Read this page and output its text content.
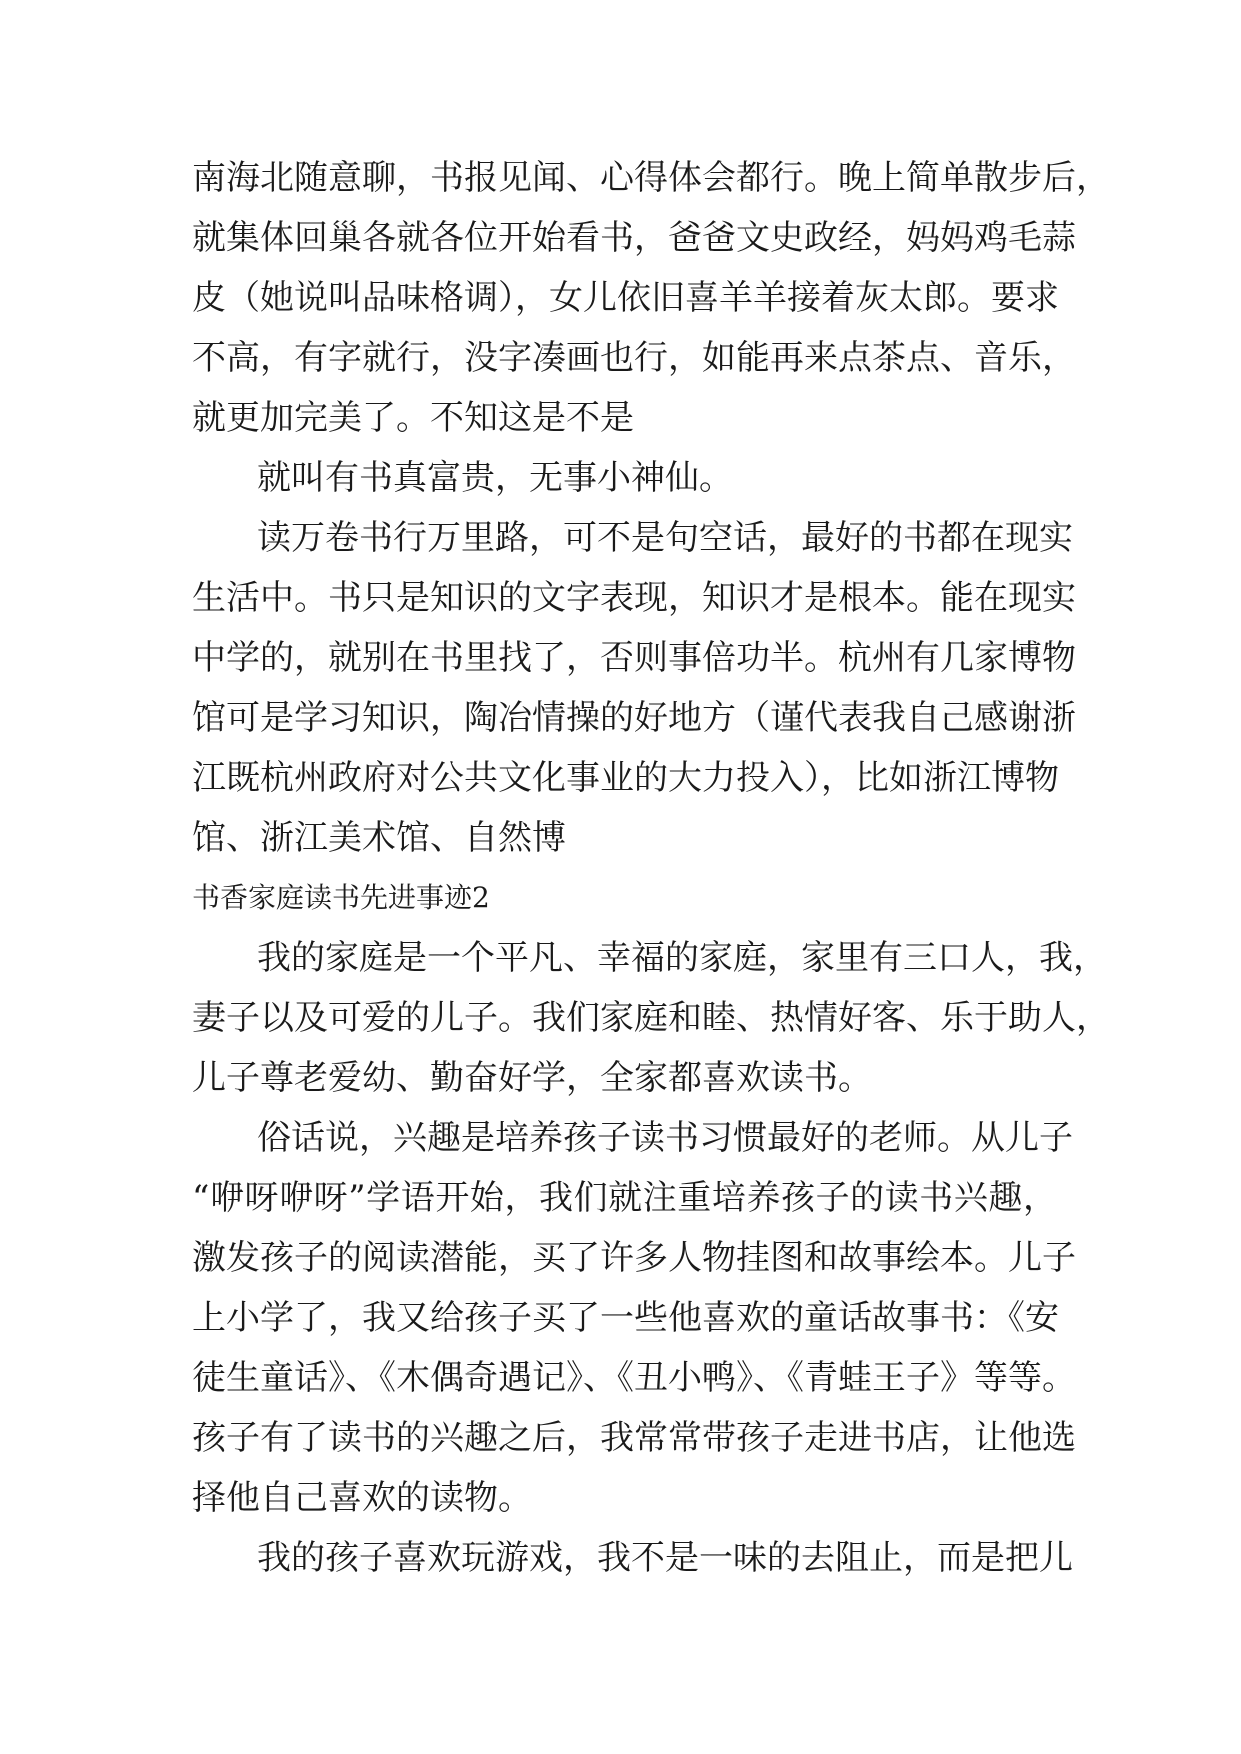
南海北随意聊，书报见闻、心得体会都行。晚上简单散步后，
就集体回巢各就各位开始看书，爸爸文史政经，妈妈鸡毛蒜
皮（她说叫品味格调），女儿依旧喜羊羊接着灰太郎。要求
不高，有字就行，没字凑画也行，如能再来点茶点、音乐，
就更加完美了。不知这是不是
就叫有书真富贵，无事小神仙。
读万卷书行万里路，可不是句空话，最好的书都在现实
生活中。书只是知识的文字表现，知识才是根本。能在现实
中学的，就别在书里找了，否则事倍功半。杭州有几家博物
馆可是学习知识，陶冶情操的好地方（谨代表我自己感谢浙
江既杭州政府对公共文化事业的大力投入），比如浙江博物
馆、浙江美术馆、自然博
书香家庭读书先进事迹2
我的家庭是一个平凡、幸福的家庭，家里有三口人，我，
妻子以及可爱的儿子。我们家庭和睦、热情好客、乐于助人，
儿子尊老爱幼、勤奋好学，全家都喜欢读书。
俗话说，兴趣是培养孩子读书习惯最好的老师。从儿子
“咿呀咿呀”学语开始，我们就注重培养孩子的读书兴趣，
激发孩子的阅读潜能，买了许多人物挂图和故事绘本。儿子
上小学了，我又给孩子买了一些他喜欢的童话故事书：《安
徒生童话》、《木偶奇遇记》、《丑小鸭》、《青蛙王子》等等。
孩子有了读书的兴趣之后，我常常带孩子走进书店，让他选
择他自己喜欢的读物。
我的孩子喜欢玩游戏，我不是一味的去阻止，而是把儿
